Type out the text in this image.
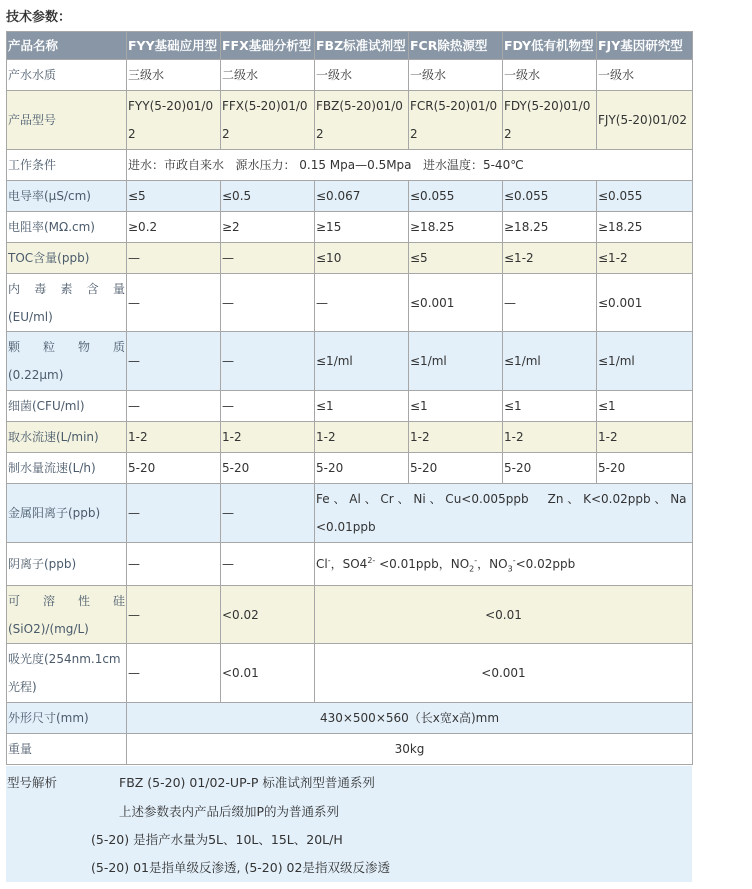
技术参数：
产品名称	FYY基础应用型	FFX基础分析型	FBZ标准试剂型	FCR除热源型	FDY低有机物型	FJY基因研究型
产水水质	三级水	二级水	一级水	一级水	一级水	一级水
产品型号	FYY(5-20)01/02	FFX(5-20)01/02	FBZ(5-20)01/02	FCR(5-20)01/02	FDY(5-20)01/02	FJY(5-20)01/02
工作条件	进水：市政自来水   源水压力： 0.15 Mpa—0.5Mpa   进水温度：5-40℃					
电导率(μS/cm)	≤5	≤0.5	≤0.067	≤0.055	≤0.055	≤0.055
电阻率(MΩ.cm)	≥0.2	≥2	≥15	≥18.25	≥18.25	≥18.25
TOC含量(ppb)	—	—	≤10	≤5	≤1-2	≤1-2

内毒素含量
(EU/ml)	—	—	—	≤0.001	—	≤0.001

颗粒物质
(0.22μm)	—	—	≤1/ml	≤1/ml	≤1/ml	≤1/ml
细菌(CFU/ml)	—	—	≤1	≤1	≤1	≤1
取水流速(L/min)	1-2	1-2	1-2	1-2	1-2	1-2
制水量流速(L/h)	5-20	5-20	5-20	5-20	5-20	5-20
金属阳离子(ppb)	—	—	Fe 、 Al 、 Cr 、 Ni 、 Cu<0.005ppb     Zn 、 K<0.02ppb 、 Na<0.01ppb			
阴离子(ppb)	—	—	Cl-，$SO4^{2-} <0.01ppb$，$NO_2^-$，$NO_3^-<0.02ppb$			

可溶性硅
(SiO2)/(mg/L)	—	<0.02	<0.01			
吸光度(254nm.1cm
光程)	—	<0.01	<0.001			
外形尺寸(mm)	430×500×560（长x宽x高)mm					
重量	30kg					
型号解析	FBZ (5-20) 01/02-UP-P 标准试剂型普通系列
上述参数表内产品后缀加P的为普通系列
(5-20) 是指产水量为5L、10L、15L、20L/H
(5-20) 01是指单级反渗透, (5-20) 02是指双级反渗透
